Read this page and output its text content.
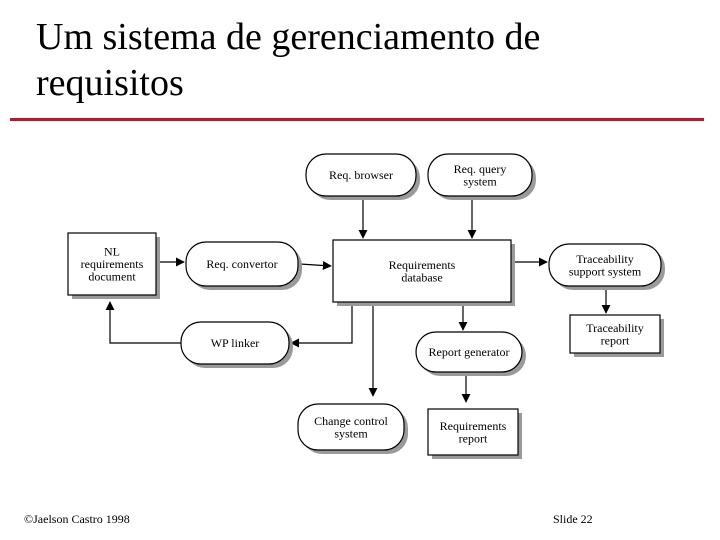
Um sistema de gerenciamento de requisitos
Req. browser	Req. query
system
NL
requirements
document
Req. convertor	Requirements
database
Traceability
support system
Traceability
report
WP linker
Report generator
Change control
system
Requirements
report
©Jaelson Castro 1998	Slide 22
